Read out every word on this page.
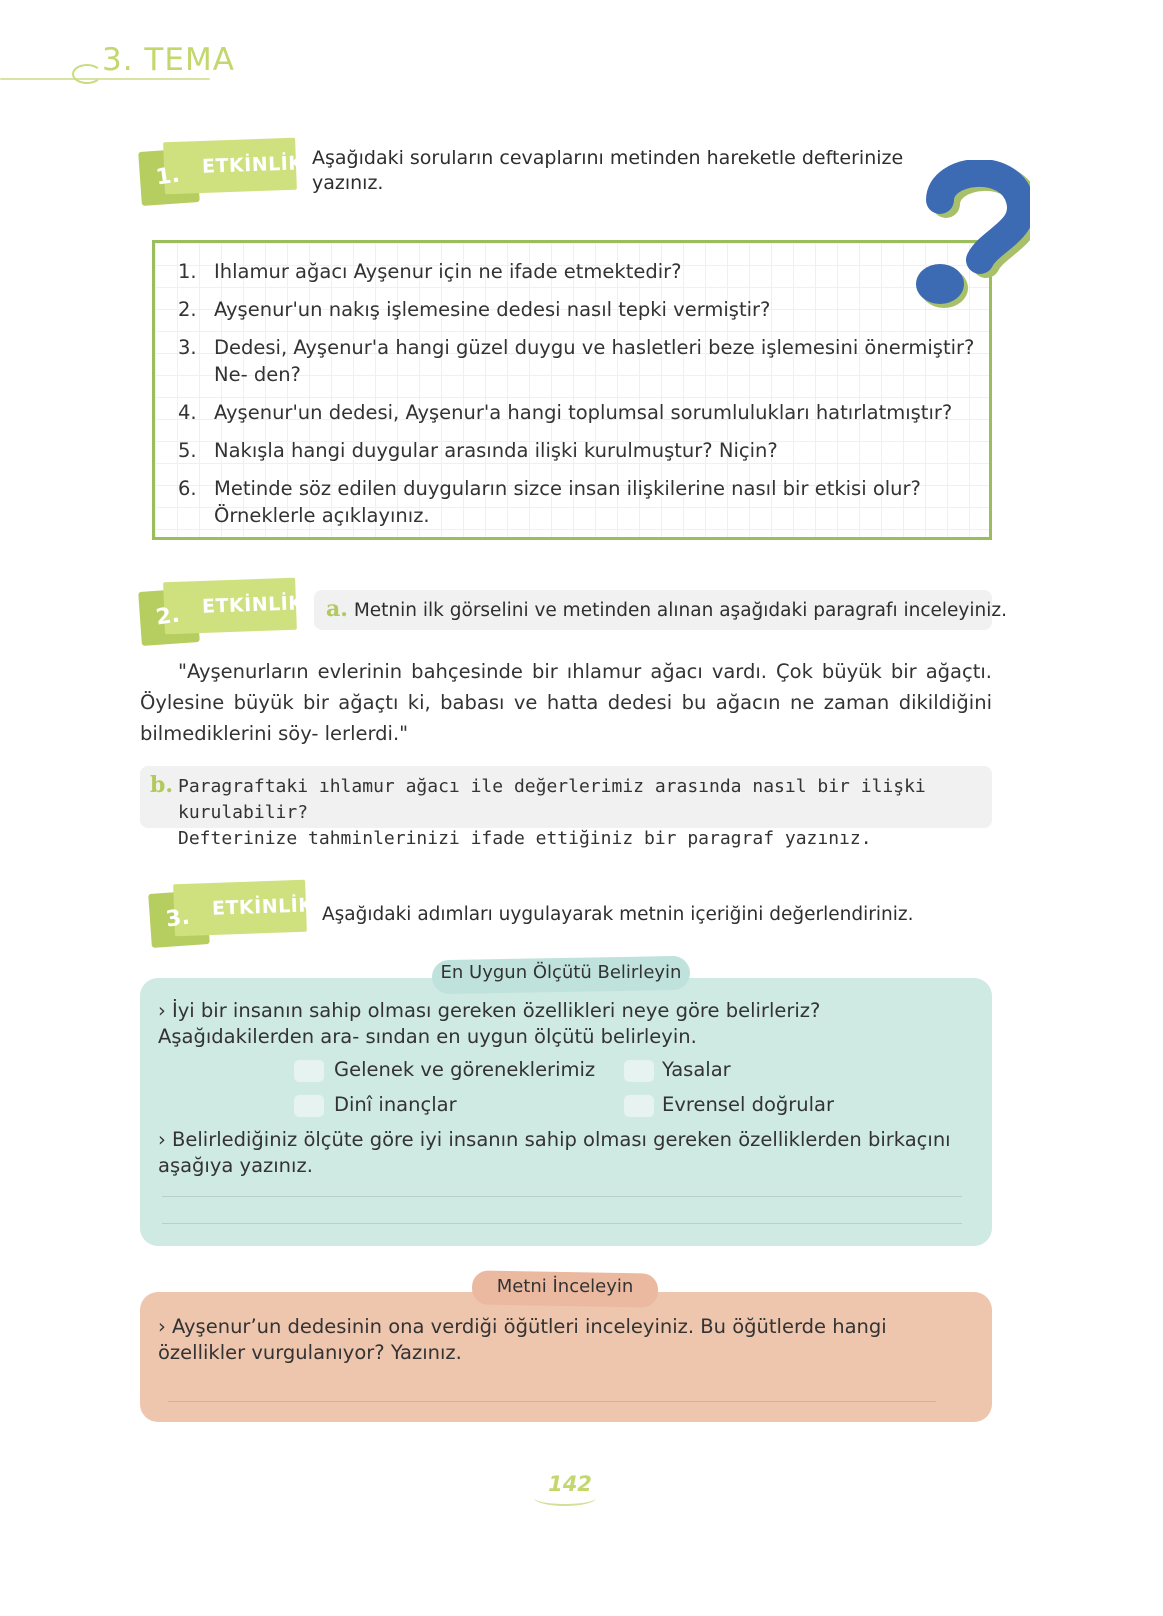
3. TEMA
1. ETKİNLİK Aşağıdaki soruların cevaplarını metinden hareketle defterinize yazınız.
1. Ihlamur ağacı Ayşenur için ne ifade etmektedir?
2. Ayşenur'un nakış işlemesine dedesi nasıl tepki vermiştir?
3. Dedesi, Ayşenur'a hangi güzel duygu ve hasletleri beze işlemesini önermiştir? Ne- den?
4. Ayşenur'un dedesi, Ayşenur'a hangi toplumsal sorumlulukları hatırlatmıştır?
5. Nakışla hangi duygular arasında ilişki kurulmuştur? Niçin?
6. Metinde söz edilen duyguların sizce insan ilişkilerine nasıl bir etkisi olur? Örneklerle açıklayınız.
2. ETKİNLİK a. Metnin ilk görselini ve metinden alınan aşağıdaki paragrafı inceleyiniz.
"Ayşenurların evlerinin bahçesinde bir ıhlamur ağacı vardı. Çok büyük bir ağaçtı. Öylesine büyük bir ağaçtı ki, babası ve hatta dedesi bu ağacın ne zaman dikildiğini bilmediklerini söy- lerlerdi."
b. Paragraftaki ıhlamur ağacı ile değerlerimiz arasında nasıl bir ilişki kurulabilir?
Defterinize tahminlerinizi ifade ettiğiniz bir paragraf yazınız.
3. ETKİNLİK Aşağıdaki adımları uygulayarak metnin içeriğini değerlendiriniz.
En Uygun Ölçütü Belirleyin
› İyi bir insanın sahip olması gereken özellikleri neye göre belirleriz? Aşağıdakilerden ara- sından en uygun ölçütü belirleyin.
Gelenek ve göreneklerimiz	Yasalar
Dinî inançlar	Evrensel doğrular
› Belirlediğiniz ölçüte göre iyi insanın sahip olması gereken özelliklerden birkaçını aşağıya yazınız.
Metni İnceleyin
› Ayşenur’un dedesinin ona verdiği öğütleri inceleyiniz. Bu öğütlerde hangi özellikler vurgulanıyor? Yazınız.
142
